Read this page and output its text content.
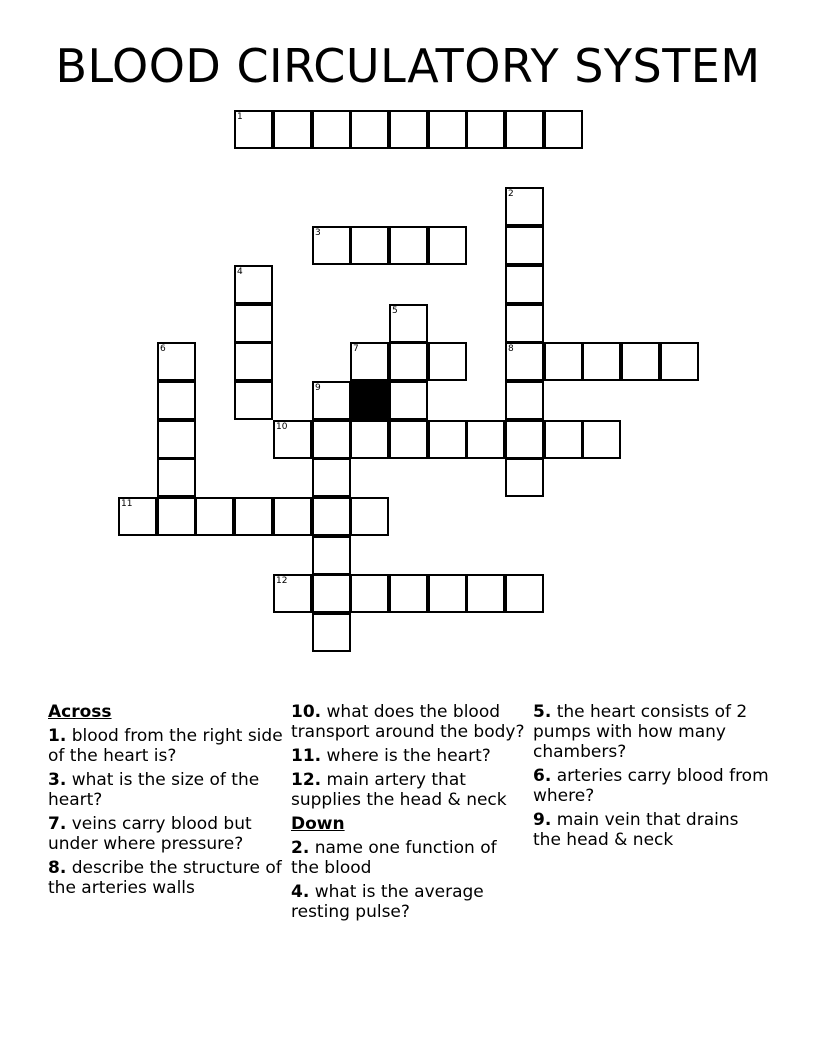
BLOOD CIRCULATORY SYSTEM
1
2
8
3
4
5
6	7
9
10
11
12
Across
1. blood from the right side of the heart is?
3. what is the size of the heart?
7. veins carry blood but under where pressure?
8. describe the structure of the arteries walls
10. what does the blood transport around the body?
11. where is the heart?
12. main artery that supplies the head & neck
Down
2. name one function of the blood
4. what is the average resting pulse?
5. the heart consists of 2 pumps with how many chambers?
6. arteries carry blood from where?
9. main vein that drains the head & neck
